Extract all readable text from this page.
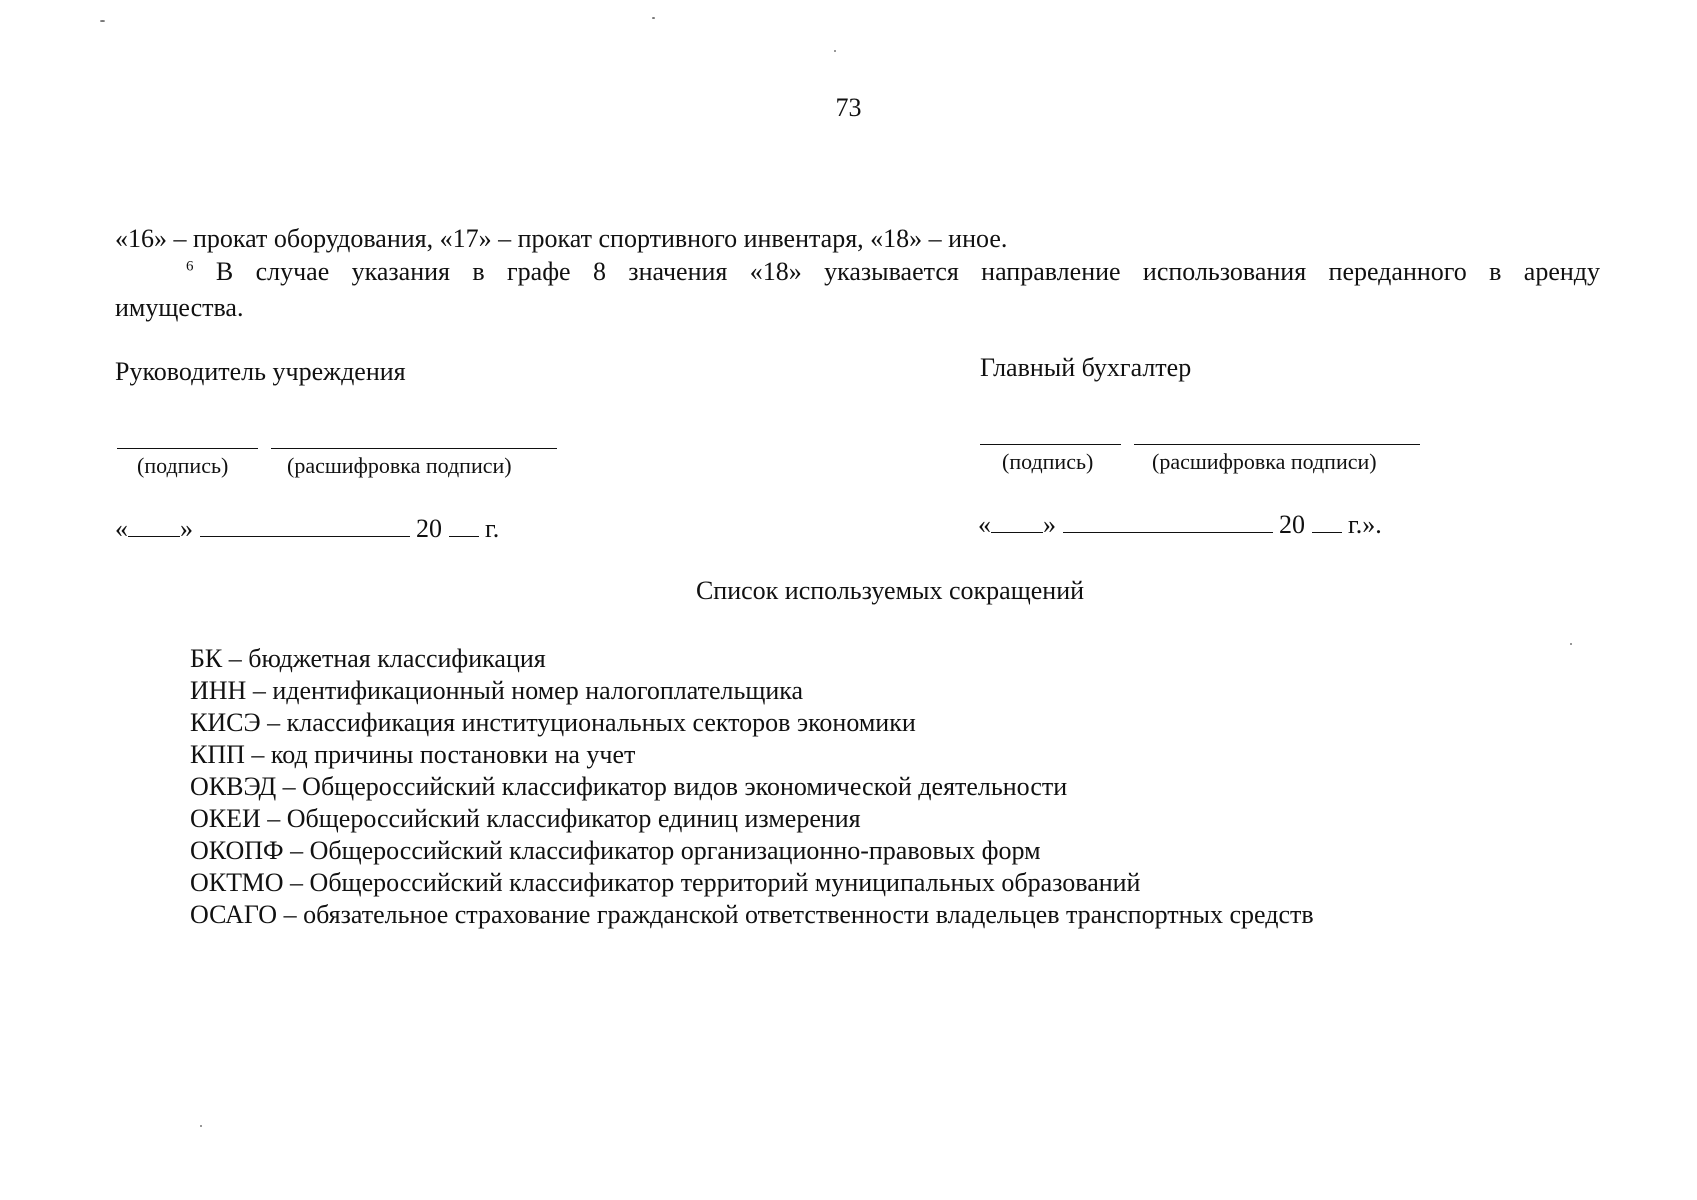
73
«16» – прокат оборудования, «17» – прокат спортивного инвентаря, «18» – иное.
$^6$ В случае указания в графе 8 значения «18» указывается направление использования переданного в аренду
имущества.
Руководитель учреждения
(подпись)	(расшифровка подписи)
« »	20 г.
Главный бухгалтер
(подпись)	(расшифровка подписи)
« »	20 г.».
Список используемых сокращений
БК – бюджетная классификация
ИНН – идентификационный номер налогоплательщика
КИСЭ – классификация институциональных секторов экономики
КПП – код причины постановки на учет
ОКВЭД – Общероссийский классификатор видов экономической деятельности
ОКЕИ – Общероссийский классификатор единиц измерения
ОКОПФ – Общероссийский классификатор организационно-правовых форм
ОКТМО – Общероссийский классификатор территорий муниципальных образований
ОСАГО – обязательное страхование гражданской ответственности владельцев транспортных средств
